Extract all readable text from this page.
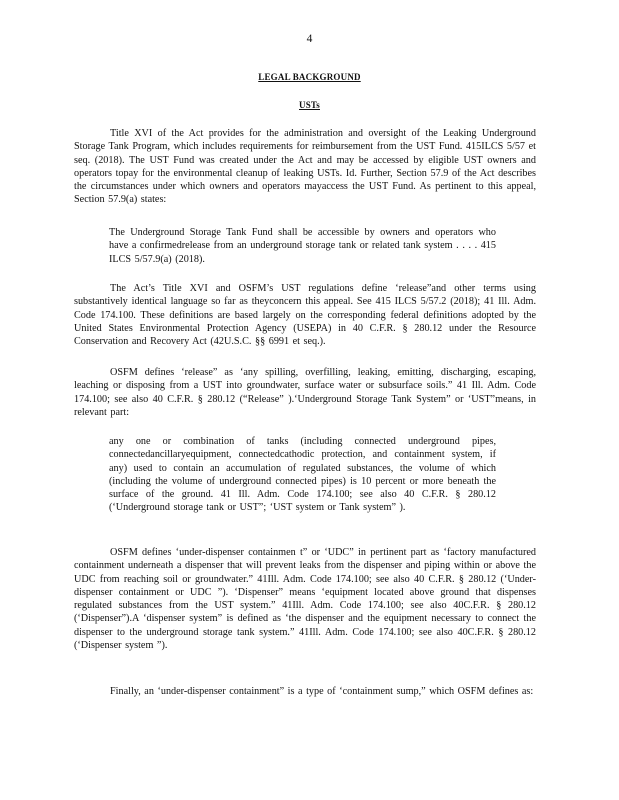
4
LEGAL BACKGROUND
USTs
Title XVI of the Act provides for the administration and oversight of the Leaking Underground Storage Tank Program, which includes requirements for reimbursement from the UST Fund. 415ILCS 5/57 et seq. (2018). The UST Fund was created under the Act and may be accessed by eligible UST owners and operators topay for the environmental cleanup of leaking USTs. Id. Further, Section 57.9 of the Act describes the circumstances under which owners and operators mayaccess the UST Fund. As pertinent to this appeal, Section 57.9(a) states:
The Underground Storage Tank Fund shall be accessible by owners and operators who have a confirmedrelease from an underground storage tank or related tank system . . . . 415 ILCS 5/57.9(a) (2018).
The Act’s Title XVI and OSFM’s UST regulations define ‘release”and other terms using substantively identical language so far as theyconcern this appeal. See 415 ILCS 5/57.2 (2018); 41 Ill. Adm. Code 174.100. These definitions are based largely on the corresponding federal definitions adopted by the United States Environmental Protection Agency (USEPA) in 40 C.F.R. § 280.12 under the Resource Conservation and Recovery Act (42U.S.C. §§ 6991 et seq.).
OSFM defines ‘release” as ‘any spilling, overfilling, leaking, emitting, discharging, escaping, leaching or disposing from a UST into groundwater, surface water or subsurface soils.” 41 Ill. Adm. Code 174.100; see also 40 C.F.R. § 280.12 (“Release” ).‘Underground Storage Tank System” or ‘UST”means, in relevant part:
any one or combination of tanks (including connected underground pipes, connectedancillaryequipment, connectedcathodic protection, and containment system, if any) used to contain an accumulation of regulated substances, the volume of which (including the volume of underground connected pipes) is 10 percent or more beneath the surface of the ground. 41 Ill. Adm. Code 174.100; see also 40 C.F.R. § 280.12 (‘Underground storage tank or UST”; ‘UST system or Tank system” ).
OSFM defines ‘under-dispenser containmen t” or ‘UDC” in pertinent part as ‘factory manufactured containment underneath a dispenser that will prevent leaks from the dispenser and piping within or above the UDC from reaching soil or groundwater.” 41Ill. Adm. Code 174.100; see also 40 C.F.R. § 280.12 (‘Under-dispenser containment or UDC ”). ‘Dispenser” means ‘equipment located above ground that dispenses regulated substances from the UST system.” 41Ill. Adm. Code 174.100; see also 40C.F.R. § 280.12 (‘Dispenser”).A ‘dispenser system” is defined as ‘the dispenser and the equipment necessary to connect the dispenser to the underground storage tank system.” 41Ill. Adm. Code 174.100; see also 40C.F.R. § 280.12 (‘Dispenser system ”).
Finally, an ‘under-dispenser containment” is a type of ‘containment sump,” which OSFM defines as:
